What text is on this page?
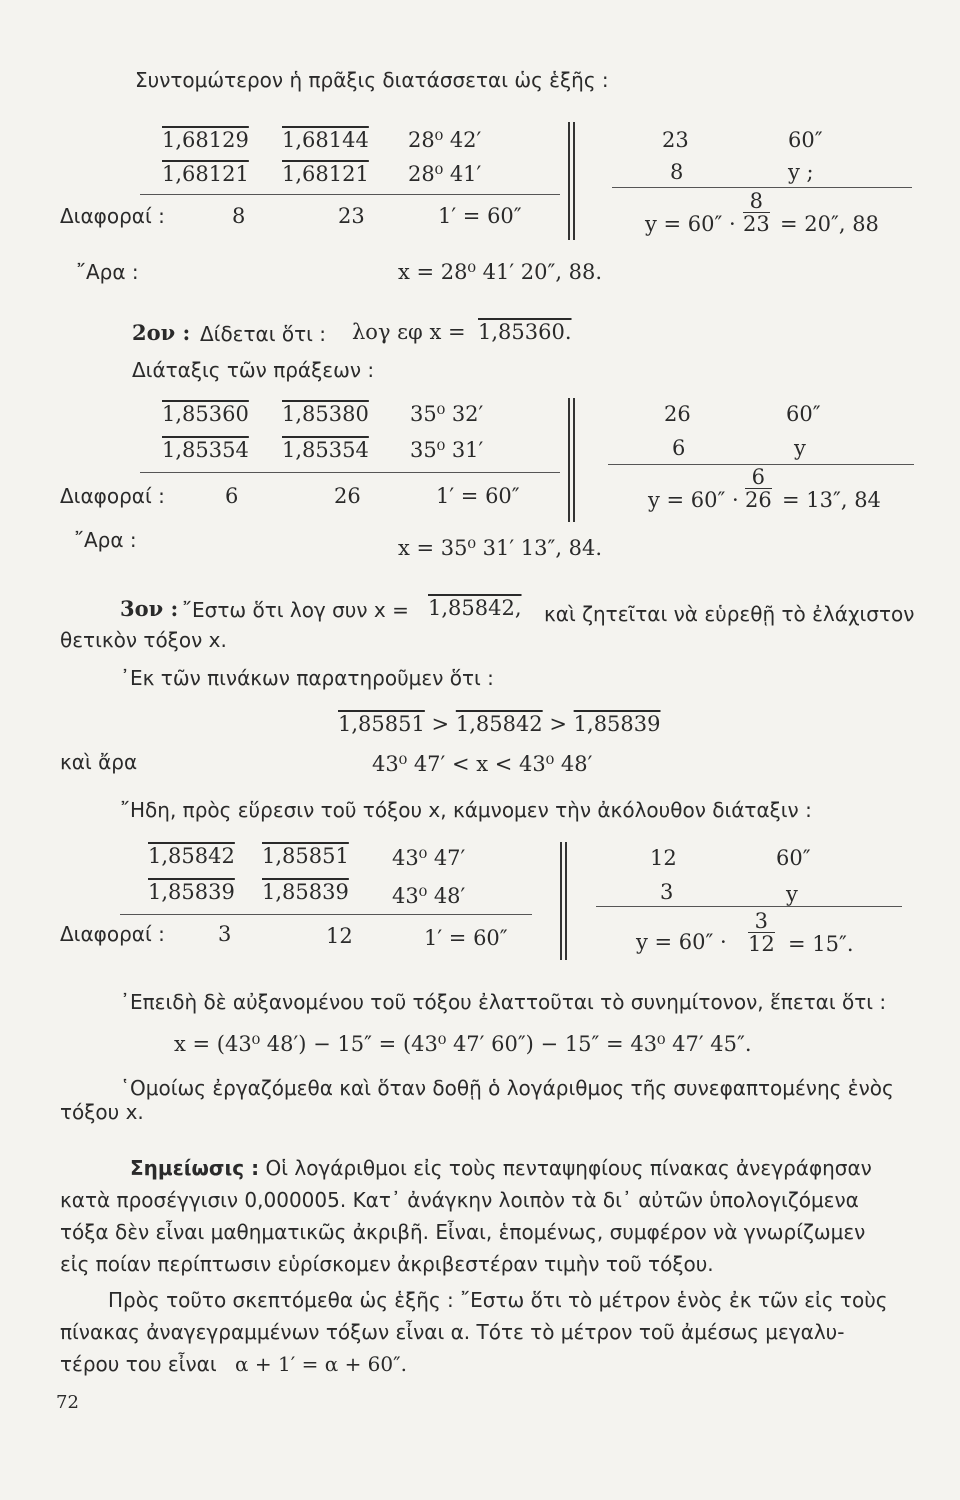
Συντομώτερον ἡ πρᾶξις διατάσσεται ὡς ἑξῆς :
1,68129 1,68144 28⁰ 42′
1,68121 1,68121 28⁰ 41′
Διαφοραί :	8	23	1′ = 60″
῎Αρα :	x = 28⁰ 41′ 20″, 88.
23	60″
8	y ;
$y = 60'' \cdot \frac{8}{23} = 20''$, 88
2ον : Δίδεται ὅτι : λογ εφ x = 1,85360.
Διάταξις τῶν πράξεων :
1,85360 1,85380 35⁰ 32′
1,85354 1,85354 35⁰ 31′
Διαφοραί :	6	26	1′ = 60″
῎Αρα :	x = 35⁰ 31′ 13″, 84.
26	60″
6	y
$y = 60'' \cdot \frac{6}{26} = 13''$, 84
3ον : ῎Εστω ὅτι λογ συν x = 1,85842, καὶ ζητεῖται νὰ εὑρεθῇ τὸ ἐλάχιστον
θετικὸν τόξον x.
᾿Εκ τῶν πινάκων παρατηροῦμεν ὅτι :
1,85851 > 1,85842 > 1,85839
καὶ ἄρα	43⁰ 47′ < x < 43⁰ 48′
῎Ηδη, πρὸς εὕρεσιν τοῦ τόξου x, κάμνομεν τὴν ἀκόλουθον διάταξιν :
1,85842 1,85851 43⁰ 47′
1,85839 1,85839 43⁰ 48′
Διαφοραί :	3	12	1′ = 60″
12	60″
3	y
$y = 60'' \cdot \frac{3}{12} = 15''$.
᾿Επειδὴ δὲ αὐξανομένου τοῦ τόξου ἐλαττοῦται τὸ συνημίτονον, ἕπεται ὅτι :
x = (43⁰ 48′) − 15″ = (43⁰ 47′ 60″) − 15″ = 43⁰ 47′ 45″.
῾Ομοίως ἐργαζόμεθα καὶ ὅταν δοθῇ ὁ λογάριθμος τῆς συνεφαπτομένης ἑνὸς
τόξου x.
Σημείωσις : Οἱ λογάριθμοι εἰς τοὺς πενταψηφίους πίνακας ἀνεγράφησαν
κατὰ προσέγγισιν 0,000005. Κατ᾿ ἀνάγκην λοιπὸν τὰ δι᾿ αὐτῶν ὑπολογιζόμενα
τόξα δὲν εἶναι μαθηματικῶς ἀκριβῆ. Εἶναι, ἑπομένως, συμφέρον νὰ γνωρίζωμεν
εἰς ποίαν περίπτωσιν εὑρίσκομεν ἀκριβεστέραν τιμὴν τοῦ τόξου.
Πρὸς τοῦτο σκεπτόμεθα ὡς ἑξῆς : ῎Εστω ὅτι τὸ μέτρον ἑνὸς ἐκ τῶν εἰς τοὺς
πίνακας ἀναγεγραμμένων τόξων εἶναι α. Τότε τὸ μέτρον τοῦ ἀμέσως μεγαλυ-
τέρου του εἶναι α + 1′ = α + 60″.
72
